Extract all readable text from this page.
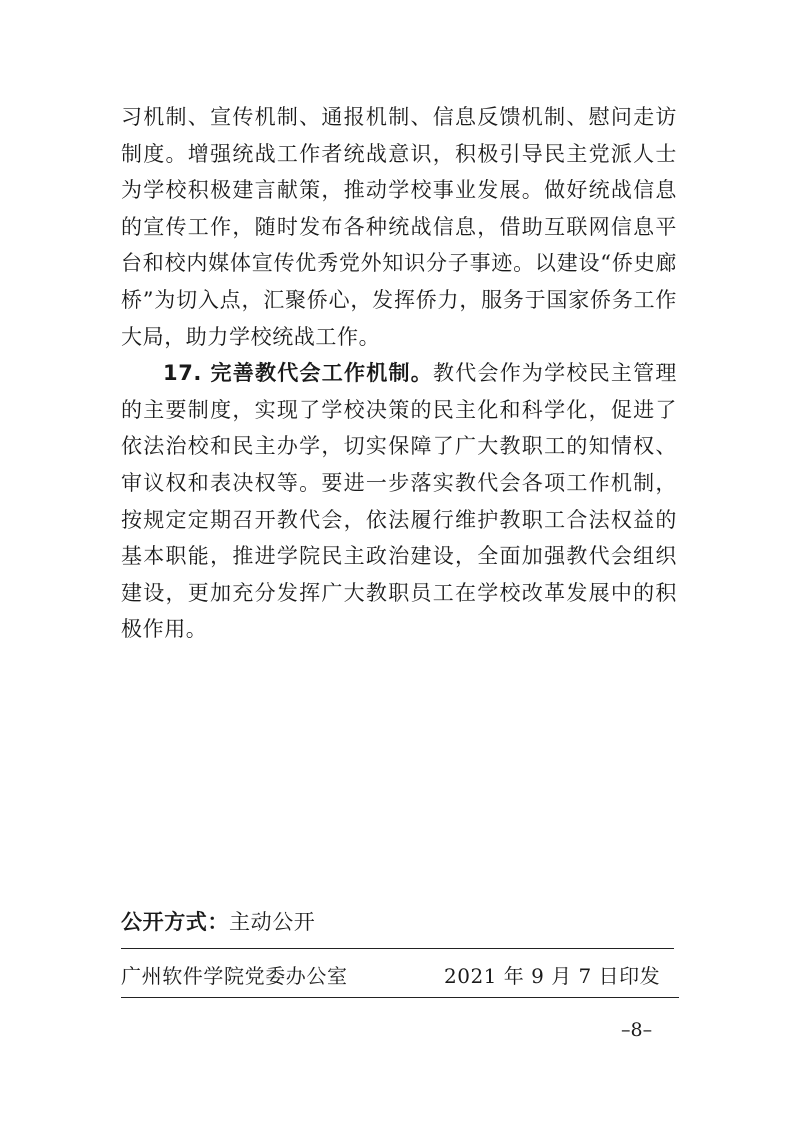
习机制、宣传机制、通报机制、信息反馈机制、慰问走访制度。增强统战工作者统战意识，积极引导民主党派人士为学校积极建言献策，推动学校事业发展。做好统战信息的宣传工作，随时发布各种统战信息，借助互联网信息平台和校内媒体宣传优秀党外知识分子事迹。以建设“侨史廊桥”为切入点，汇聚侨心，发挥侨力，服务于国家侨务工作大局，助力学校统战工作。

17. 完善教代会工作机制。教代会作为学校民主管理的主要制度，实现了学校决策的民主化和科学化，促进了依法治校和民主办学，切实保障了广大教职工的知情权、审议权和表决权等。要进一步落实教代会各项工作机制，按规定定期召开教代会，依法履行维护教职工合法权益的基本职能，推进学院民主政治建设，全面加强教代会组织建设，更加充分发挥广大教职员工在学校改革发展中的积极作用。

公开方式：主动公开
广州软件学院党委办公室	2021 年 9 月 7 日印发
–8–
